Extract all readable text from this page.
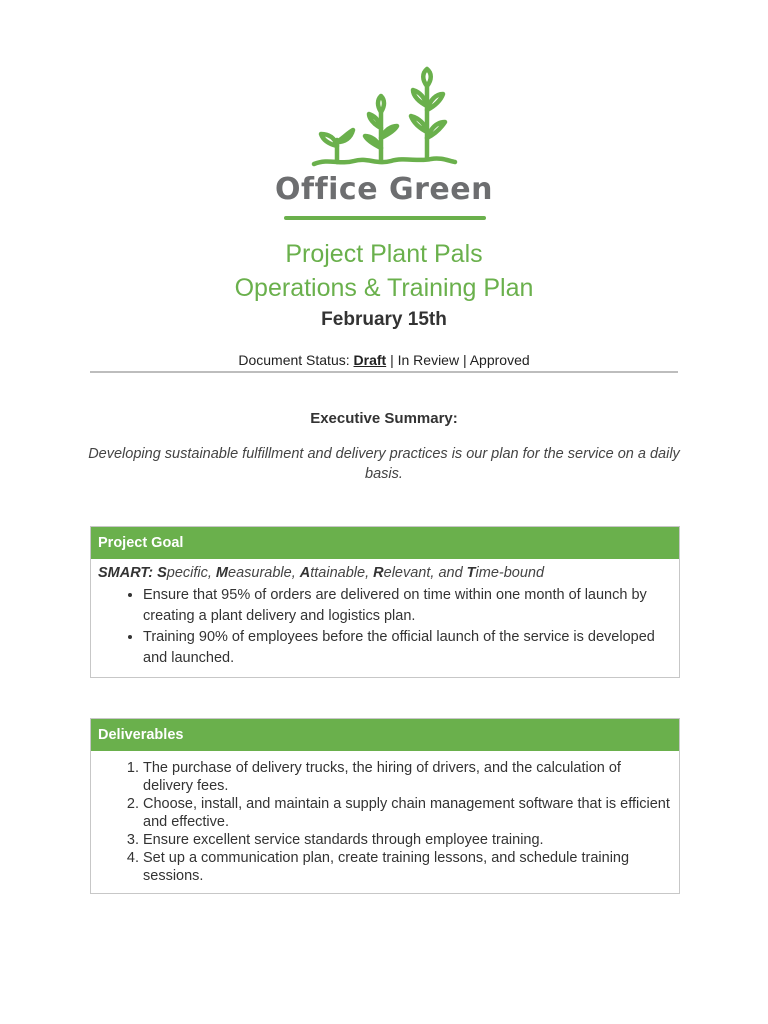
Office Green
Project Plant Pals
Operations & Training Plan
February 15th
Document Status: Draft | In Review | Approved
Executive Summary:
Developing sustainable fulfillment and delivery practices is our plan for the service on a daily basis.
Project Goal
SMART: Specific, Measurable, Attainable, Relevant, and Time-bound
• Ensure that 95% of orders are delivered on time within one month of launch by creating a plant delivery and logistics plan.
• Training 90% of employees before the official launch of the service is developed and launched.
Deliverables
1. The purchase of delivery trucks, the hiring of drivers, and the calculation of delivery fees.
2. Choose, install, and maintain a supply chain management software that is efficient and effective.
3. Ensure excellent service standards through employee training.
4. Set up a communication plan, create training lessons, and schedule training sessions.
